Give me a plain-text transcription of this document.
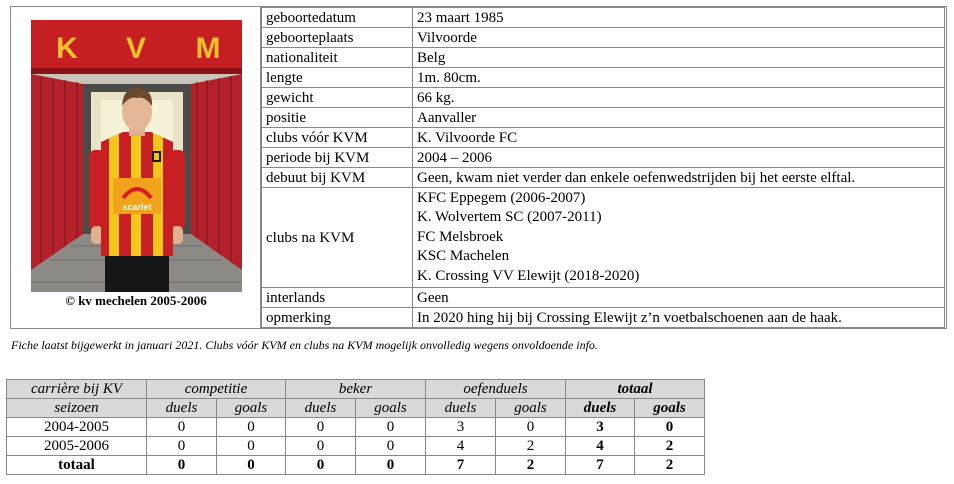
K V M
scarlet
© kv mechelen 2005-2006
geboortedatum	23 maart 1985
geboorteplaats	Vilvoorde
nationaliteit	Belg
lengte	1m. 80cm.
gewicht	66 kg.
positie	Aanvaller
clubs vóór KVM	K. Vilvoorde FC
periode bij KVM	2004 – 2006
debuut bij KVM	Geen, kwam niet verder dan enkele oefenwedstrijden bij het eerste elftal.
clubs na KVM	KFC Eppegem (2006-2007)
K. Wolvertem SC (2007-2011)
FC Melsbroek
KSC Machelen
K. Crossing VV Elewijt (2018-2020)

interlands	Geen
opmerking	In 2020 hing hij bij Crossing Elewijt z’n voetbalschoenen aan de haak.
Fiche laatst bijgewerkt in januari 2021. Clubs vóór KVM en clubs na KVM mogelijk onvolledig wegens onvoldoende info.
carrière bij KV	competitie		beker		oefenduels		totaal	
seizoen	duels	goals	duels	goals	duels	goals	duels	goals
2004-2005	0	0	0	0	3	0	3	0
2005-2006	0	0	0	0	4	2	4	2
totaal	0	0	0	0	7	2	7	2
